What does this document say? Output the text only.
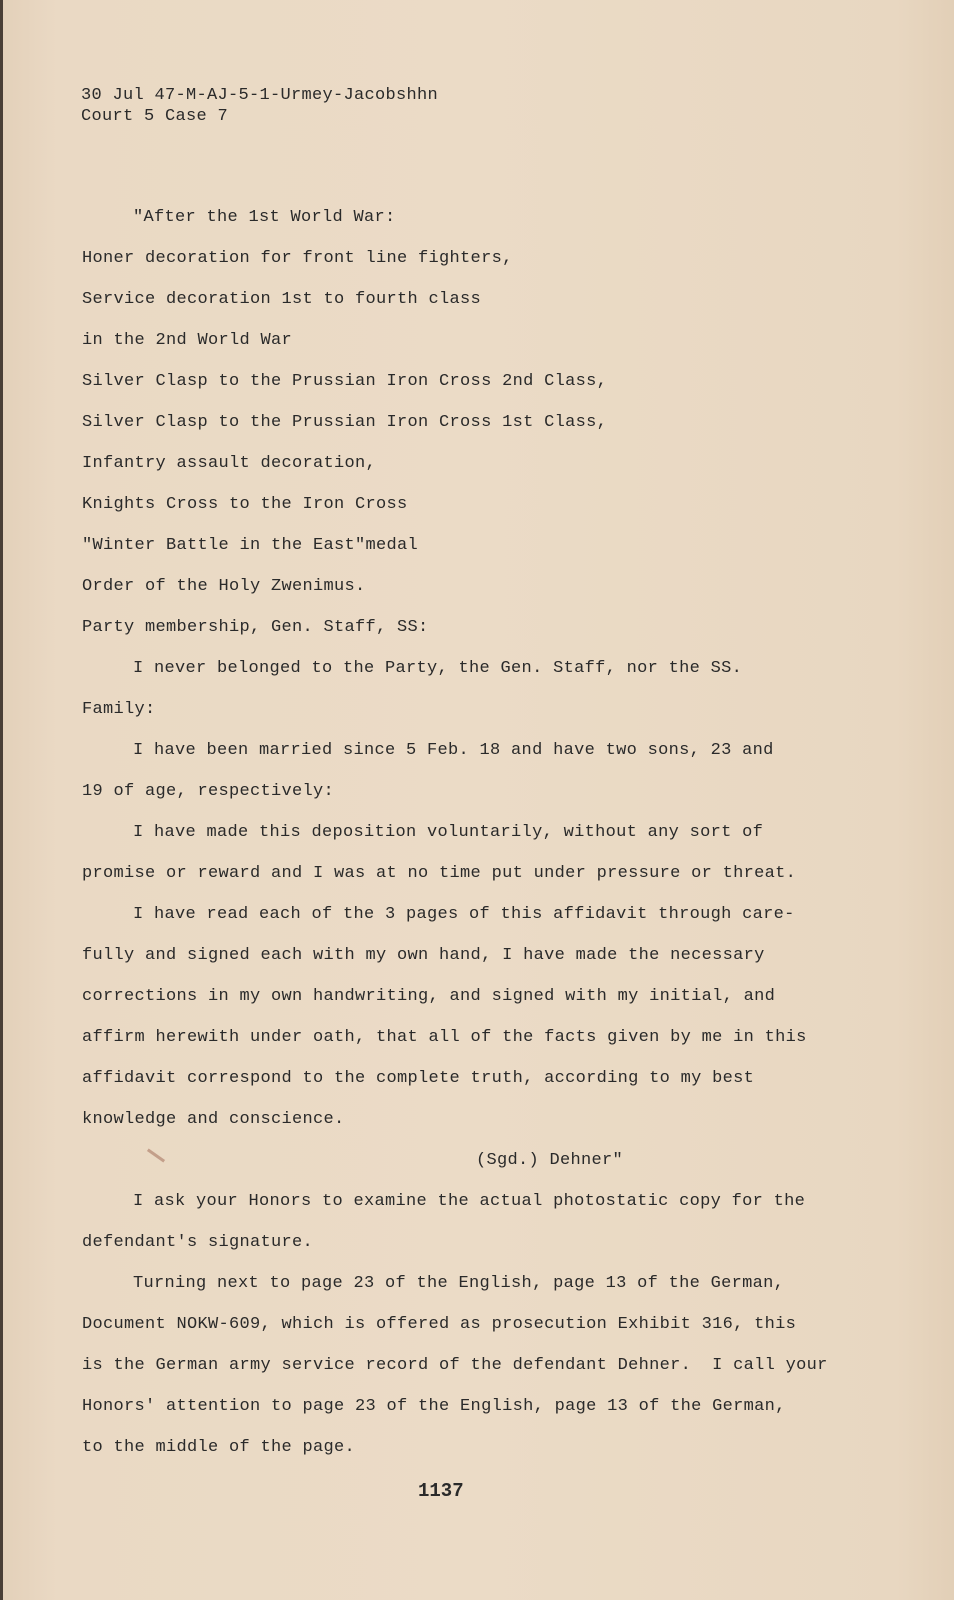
30 Jul 47-M-AJ-5-1-Urmey-Jacobshhn
Court 5 Case 7
"After the 1st World War:
Honer decoration for front line fighters,
Service decoration 1st to fourth class
in the 2nd World War
Silver Clasp to the Prussian Iron Cross 2nd Class,
Silver Clasp to the Prussian Iron Cross 1st Class,
Infantry assault decoration,
Knights Cross to the Iron Cross
"Winter Battle in the East"medal
Order of the Holy Zwenimus.
Party membership, Gen. Staff, SS:
I never belonged to the Party, the Gen. Staff, nor the SS.
Family:
I have been married since 5 Feb. 18 and have two sons, 23 and
19 of age, respectively:
I have made this deposition voluntarily, without any sort of
promise or reward and I was at no time put under pressure or threat.
I have read each of the 3 pages of this affidavit through care-
fully and signed each with my own hand, I have made the necessary
corrections in my own handwriting, and signed with my initial, and
affirm herewith under oath, that all of the facts given by me in this
affidavit correspond to the complete truth, according to my best
knowledge and conscience.
(Sgd.) Dehner"
I ask your Honors to examine the actual photostatic copy for the
defendant's signature.
Turning next to page 23 of the English, page 13 of the German,
Document NOKW-609, which is offered as prosecution Exhibit 316, this
is the German army service record of the defendant Dehner.  I call your
Honors' attention to page 23 of the English, page 13 of the German,
to the middle of the page.
1137
